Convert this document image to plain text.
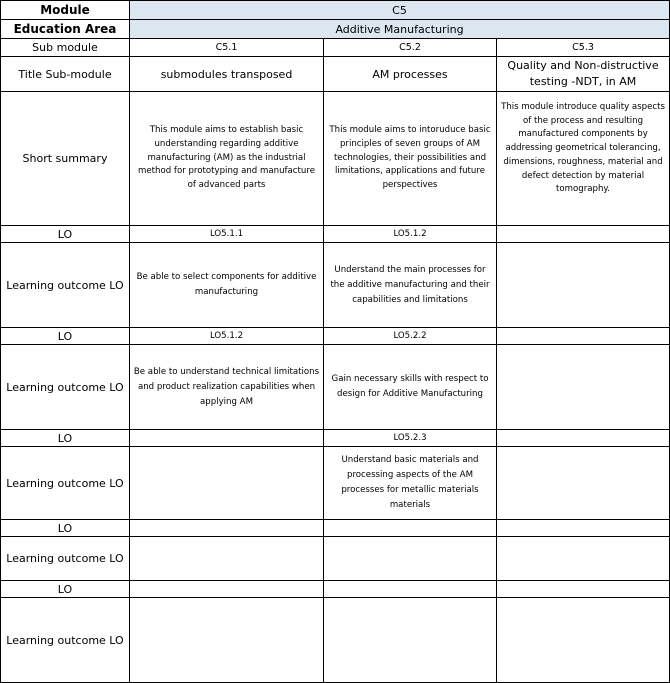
Module	C5		
Education Area	Additive Manufacturing		
Sub module	C5.1	C5.2	C5.3
Title Sub-module	submodules transposed	AM processes	Quality and Non-distructive testing -NDT, in AM
Short summary	This module aims to establish basic understanding regarding additive manufacturing (AM) as the industrial method for prototyping and manufacture of advanced parts	This module aims to intoruduce basic principles of seven groups of AM technologies, their possibilities and limitations, applications and future perspectives	This module introduce quality aspects of the process and resulting manufactured components by addressing geometrical tolerancing, dimensions, roughness, material and defect detection by material tomography.
LO	LO5.1.1	LO5.1.2	
Learning outcome LO	Be able to select components for additive manufacturing	Understand the main processes for the additive manufacturing and their capabilities and limitations	
LO	LO5.1.2	LO5.2.2	
Learning outcome LO	Be able to understand technical limitations and product realization capabilities when applying AM	Gain necessary skills with respect to design for Additive Manufacturing	
LO		LO5.2.3	
Learning outcome LO		Understand basic materials and processing aspects of the AM processes for metallic materials materials	
LO			
Learning outcome LO			
LO			
Learning outcome LO			
